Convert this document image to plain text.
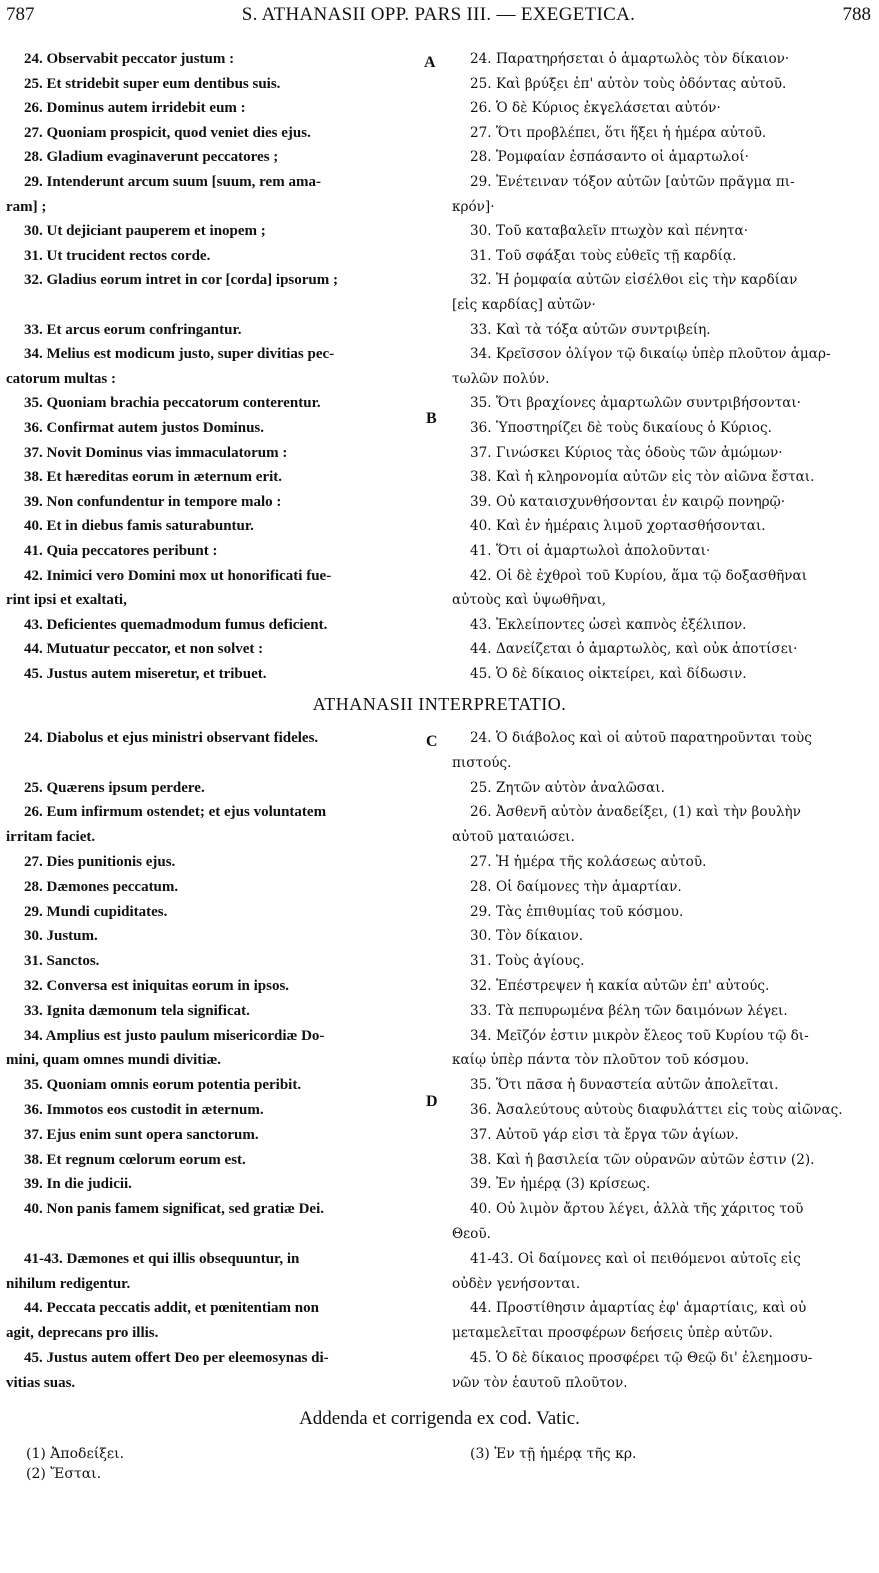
787	S. ATHANASII OPP. PARS III. — EXEGETICA.	788
24. Observabit peccator justum :
25. Et stridebit super eum dentibus suis.
26. Dominus autem irridebit eum :
27. Quoniam prospicit, quod veniet dies ejus.
28. Gladium evaginaverunt peccatores ;
29. Intenderunt arcum suum [suum, rem ama-
ram] ;
30. Ut dejiciant pauperem et inopem ;
31. Ut trucident rectos corde.
32. Gladius eorum intret in cor [corda] ipsorum ;
33. Et arcus eorum confringantur.
34. Melius est modicum justo, super divitias pec-
catorum multas :
35. Quoniam brachia peccatorum conterentur.
36. Confirmat autem justos Dominus.
37. Novit Dominus vias immaculatorum :
38. Et hæreditas eorum in æternum erit.
39. Non confundentur in tempore malo :
40. Et in diebus famis saturabuntur.
41. Quia peccatores peribunt :
42. Inimici vero Domini mox ut honorificati fue-
rint ipsi et exaltati,
43. Deficientes quemadmodum fumus deficient.
44. Mutuatur peccator, et non solvet :
45. Justus autem miseretur, et tribuet.
24. Παρατηρήσεται ὁ ἁμαρτωλὸς τὸν δίκαιον·
25. Καὶ βρύξει ἐπ' αὐτὸν τοὺς ὀδόντας αὐτοῦ.
26. Ὁ δὲ Κύριος ἐκγελάσεται αὐτόν·
27. Ὅτι προβλέπει, ὅτι ἥξει ἡ ἡμέρα αὐτοῦ.
28. Ῥομφαίαν ἐσπάσαντο οἱ ἁμαρτωλοί·
29. Ἐνέτειναν τόξον αὐτῶν [αὐτῶν πρᾶγμα πι-
κρόν]·
30. Τοῦ καταβαλεῖν πτωχὸν καὶ πένητα·
31. Τοῦ σφάξαι τοὺς εὐθεῖς τῇ καρδίᾳ.
32. Ἡ ῥομφαία αὐτῶν εἰσέλθοι εἰς τὴν καρδίαν
[εἰς καρδίας] αὐτῶν·
33. Καὶ τὰ τόξα αὐτῶν συντριβείη.
34. Κρεῖσσον ὀλίγον τῷ δικαίῳ ὑπὲρ πλοῦτον ἁμαρ-
τωλῶν πολύν.
35. Ὅτι βραχίονες ἁμαρτωλῶν συντριβήσονται·
36. Ὑποστηρίζει δὲ τοὺς δικαίους ὁ Κύριος.
37. Γινώσκει Κύριος τὰς ὁδοὺς τῶν ἀμώμων·
38. Καὶ ἡ κληρονομία αὐτῶν εἰς τὸν αἰῶνα ἔσται.
39. Οὐ καταισχυνθήσονται ἐν καιρῷ πονηρῷ·
40. Καὶ ἐν ἡμέραις λιμοῦ χορτασθήσονται.
41. Ὅτι οἱ ἁμαρτωλοὶ ἀπολοῦνται·
42. Οἱ δὲ ἐχθροὶ τοῦ Κυρίου, ἅμα τῷ δοξασθῆναι
αὐτοὺς καὶ ὑψωθῆναι,
43. Ἐκλείποντες ὡσεὶ καπνὸς ἐξέλιπον.
44. Δανείζεται ὁ ἁμαρτωλὸς, καὶ οὐκ ἀποτίσει·
45. Ὁ δὲ δίκαιος οἰκτείρει, καὶ δίδωσιν.
A
B
C
D
ATHANASII INTERPRETATIO.
24. Diabolus et ejus ministri observant fideles.
25. Quærens ipsum perdere.
26. Eum infirmum ostendet; et ejus voluntatem
irritam faciet.
27. Dies punitionis ejus.
28. Dæmones peccatum.
29. Mundi cupiditates.
30. Justum.
31. Sanctos.
32. Conversa est iniquitas eorum in ipsos.
33. Ignita dæmonum tela significat.
34. Amplius est justo paulum misericordiæ Do-
mini, quam omnes mundi divitiæ.
35. Quoniam omnis eorum potentia peribit.
36. Immotos eos custodit in æternum.
37. Ejus enim sunt opera sanctorum.
38. Et regnum cœlorum eorum est.
39. In die judicii.
40. Non panis famem significat, sed gratiæ Dei.
41-43. Dæmones et qui illis obsequuntur, in
nihilum redigentur.
44. Peccata peccatis addit, et pœnitentiam non
agit, deprecans pro illis.
45. Justus autem offert Deo per eleemosynas di-
vitias suas.
24. Ὁ διάβολος καὶ οἱ αὐτοῦ παρατηροῦνται τοὺς
πιστούς.
25. Ζητῶν αὐτὸν ἀναλῶσαι.
26. Ἀσθενῆ αὐτὸν ἀναδείξει, (1) καὶ τὴν βουλὴν
αὐτοῦ ματαιώσει.
27. Ἡ ἡμέρα τῆς κολάσεως αὐτοῦ.
28. Οἱ δαίμονες τὴν ἁμαρτίαν.
29. Τὰς ἐπιθυμίας τοῦ κόσμου.
30. Τὸν δίκαιον.
31. Τοὺς ἁγίους.
32. Ἐπέστρεψεν ἡ κακία αὐτῶν ἐπ' αὐτούς.
33. Τὰ πεπυρωμένα βέλη τῶν δαιμόνων λέγει.
34. Μεῖζόν ἐστιν μικρὸν ἔλεος τοῦ Κυρίου τῷ δι-
καίῳ ὑπὲρ πάντα τὸν πλοῦτον τοῦ κόσμου.
35. Ὅτι πᾶσα ἡ δυναστεία αὐτῶν ἀπολεῖται.
36. Ἀσαλεύτους αὐτοὺς διαφυλάττει εἰς τοὺς αἰῶνας.
37. Αὐτοῦ γάρ εἰσι τὰ ἔργα τῶν ἁγίων.
38. Καὶ ἡ βασιλεία τῶν οὐρανῶν αὐτῶν ἐστιν (2).
39. Ἐν ἡμέρᾳ (3) κρίσεως.
40. Οὐ λιμὸν ἄρτου λέγει, ἀλλὰ τῆς χάριτος τοῦ
Θεοῦ.
41-43. Οἱ δαίμονες καὶ οἱ πειθόμενοι αὐτοῖς εἰς
οὐδὲν γενήσονται.
44. Προστίθησιν ἁμαρτίας ἐφ' ἁμαρτίαις, καὶ οὐ
μεταμελεῖται προσφέρων δεήσεις ὑπὲρ αὐτῶν.
45. Ὁ δὲ δίκαιος προσφέρει τῷ Θεῷ δι' ἐλεημοσυ-
νῶν τὸν ἑαυτοῦ πλοῦτον.
Addenda et corrigenda ex cod. Vatic.
(1) Ἀποδείξει.
(2) Ἔσται.
(3) Ἐν τῇ ἡμέρᾳ τῆς κρ.
